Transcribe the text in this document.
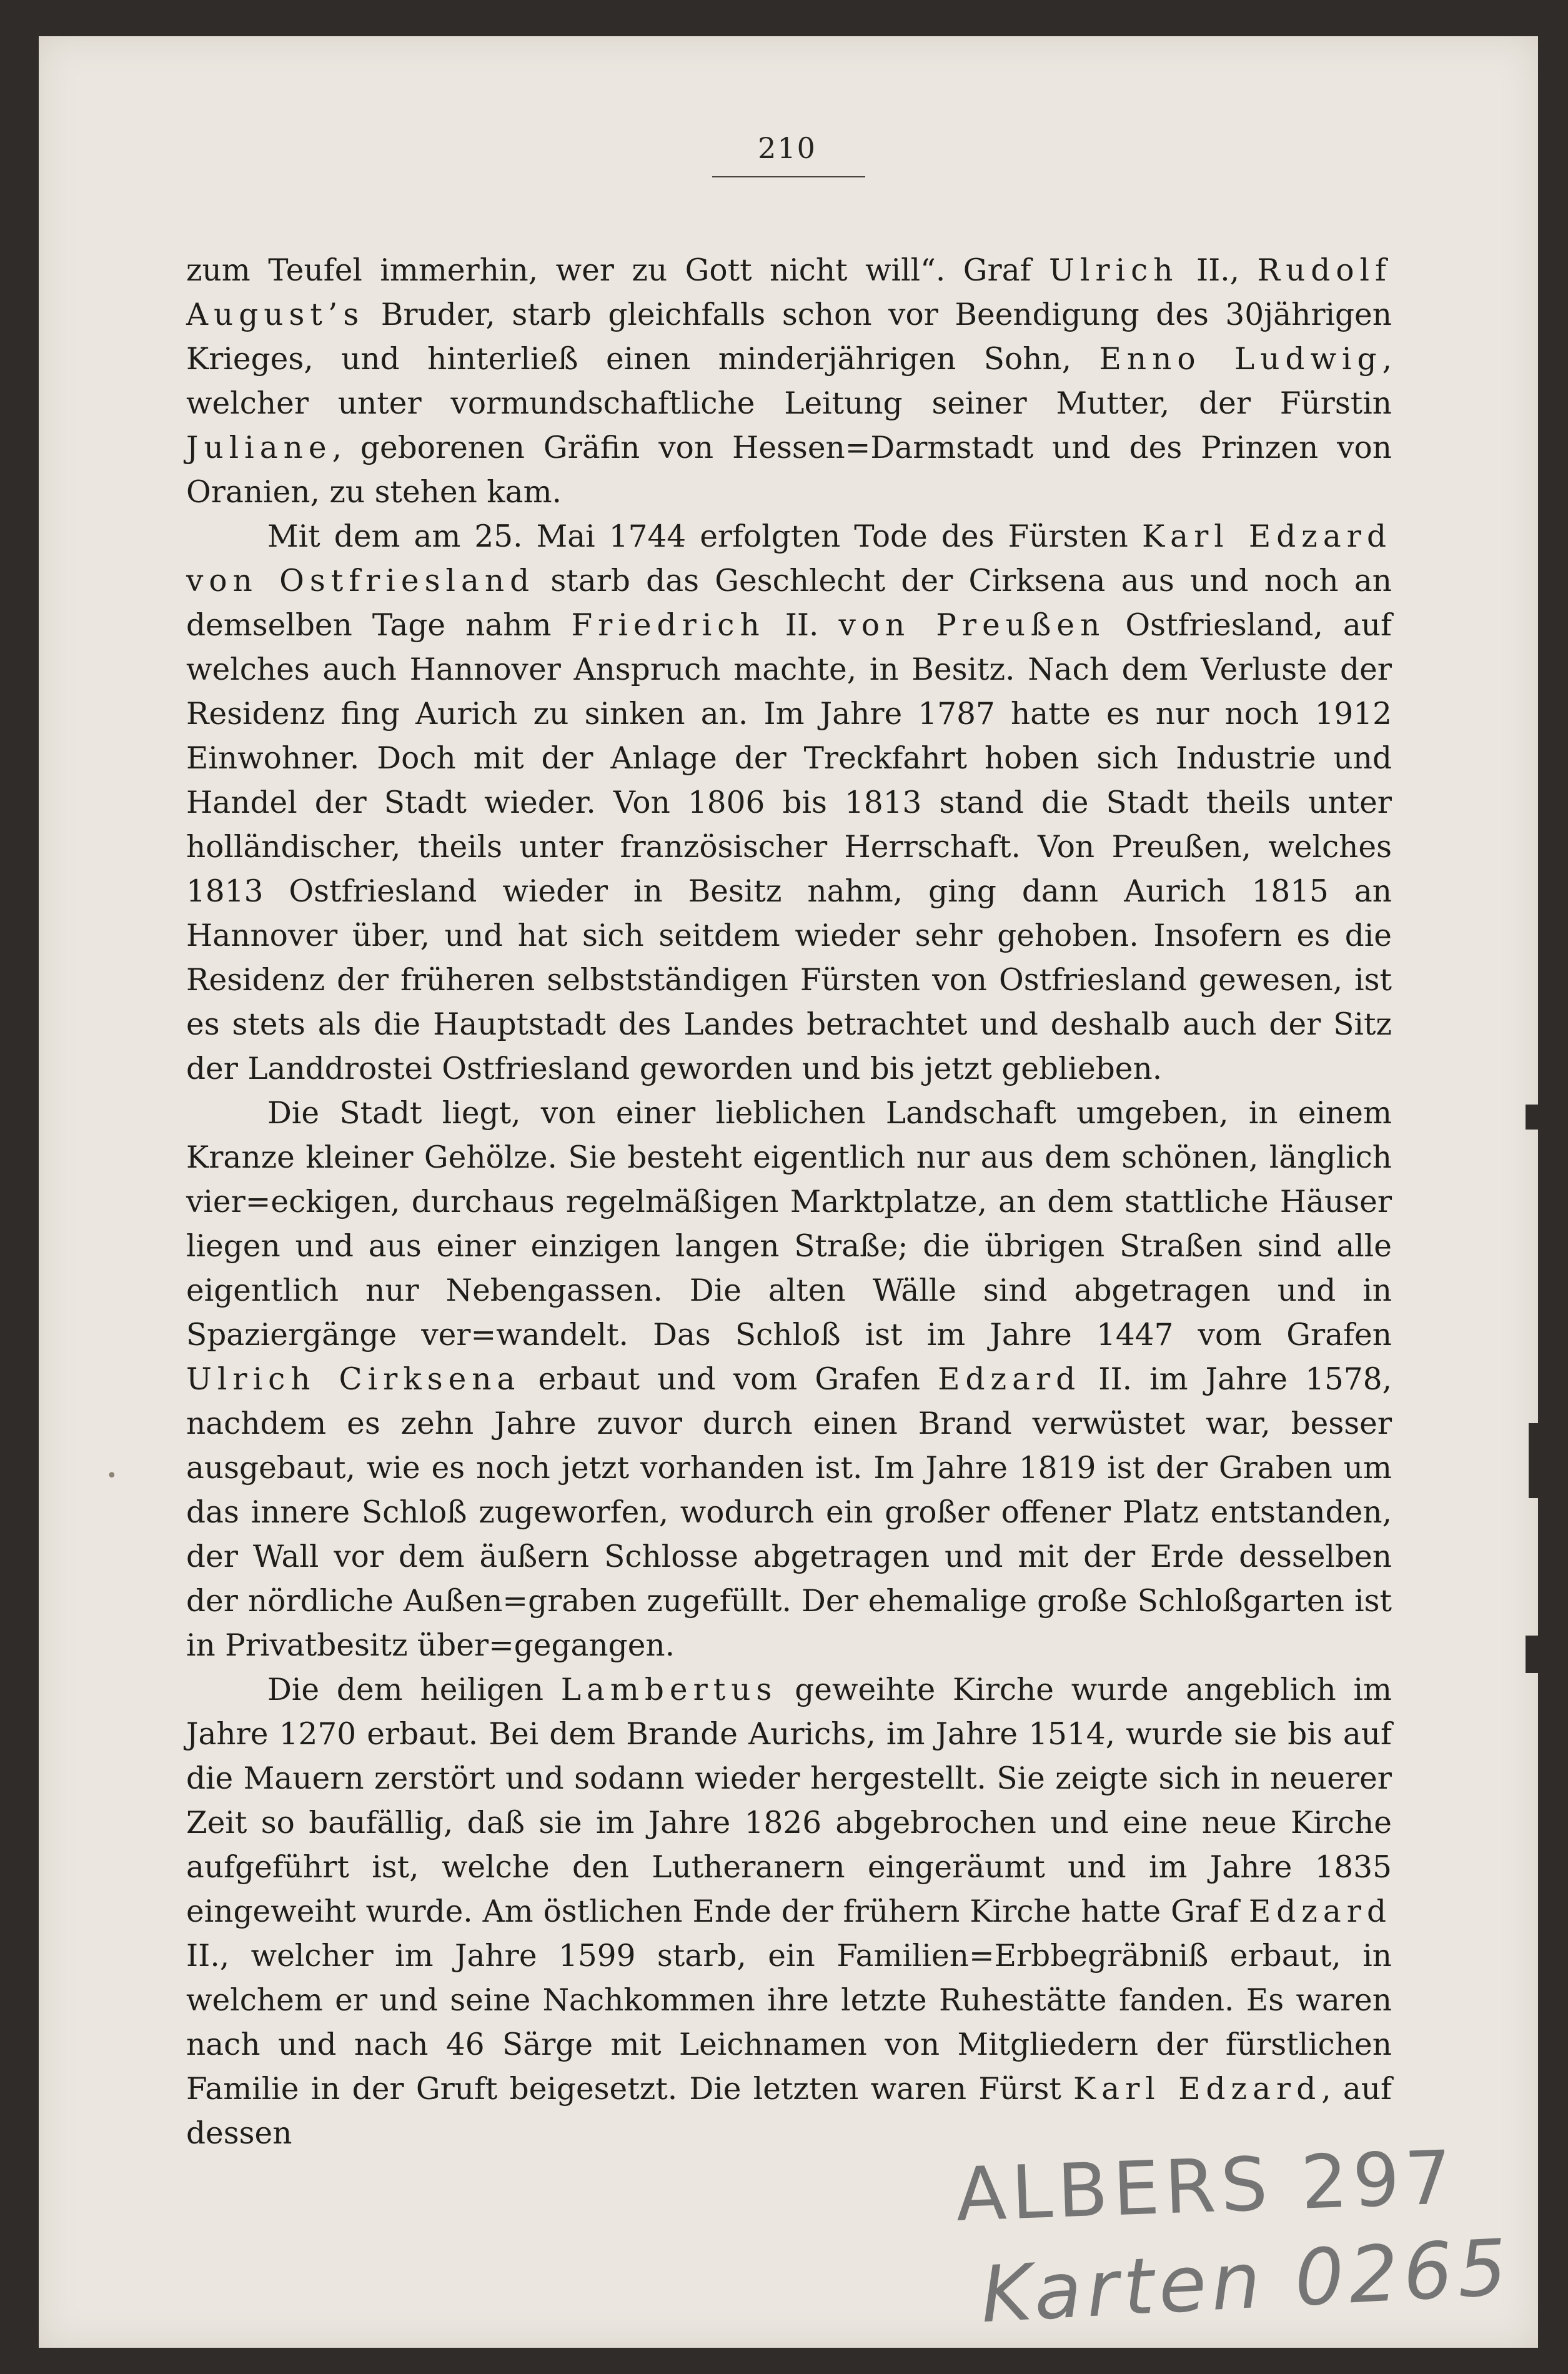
210

zum Teufel immerhin, wer zu Gott nicht will“. Graf Ulrich II., Rudolf August’s Bruder, starb gleichfalls schon vor Beendigung des 30jährigen Krieges, und hinterließ einen minderjährigen Sohn, Enno Ludwig, welcher unter vormundschaftliche Leitung seiner Mutter, der Fürstin Juliane, geborenen Gräfin von Hessen=Darmstadt und des Prinzen von Oranien, zu stehen kam.

Mit dem am 25. Mai 1744 erfolgten Tode des Fürsten Karl Edzard von Ostfriesland starb das Geschlecht der Cirksena aus und noch an demselben Tage nahm Friedrich II. von Preußen Ostfriesland, auf welches auch Hannover Anspruch machte, in Besitz. Nach dem Verluste der Residenz fing Aurich zu sinken an. Im Jahre 1787 hatte es nur noch 1912 Einwohner. Doch mit der Anlage der Treckfahrt hoben sich Industrie und Handel der Stadt wieder. Von 1806 bis 1813 stand die Stadt theils unter holländischer, theils unter französischer Herrschaft. Von Preußen, welches 1813 Ostfriesland wieder in Besitz nahm, ging dann Aurich 1815 an Hannover über, und hat sich seitdem wieder sehr gehoben. Insofern es die Residenz der früheren selbstständigen Fürsten von Ostfriesland gewesen, ist es stets als die Hauptstadt des Landes betrachtet und deshalb auch der Sitz der Landdrostei Ostfriesland geworden und bis jetzt geblieben.

Die Stadt liegt, von einer lieblichen Landschaft umgeben, in einem Kranze kleiner Gehölze. Sie besteht eigentlich nur aus dem schönen, länglich vier=eckigen, durchaus regelmäßigen Marktplatze, an dem stattliche Häuser liegen und aus einer einzigen langen Straße; die übrigen Straßen sind alle eigentlich nur Nebengassen. Die alten Wälle sind abgetragen und in Spaziergänge ver=wandelt. Das Schloß ist im Jahre 1447 vom Grafen Ulrich Cirksena erbaut und vom Grafen Edzard II. im Jahre 1578, nachdem es zehn Jahre zuvor durch einen Brand verwüstet war, besser ausgebaut, wie es noch jetzt vorhanden ist. Im Jahre 1819 ist der Graben um das innere Schloß zugeworfen, wodurch ein großer offener Platz entstanden, der Wall vor dem äußern Schlosse abgetragen und mit der Erde desselben der nördliche Außen=graben zugefüllt. Der ehemalige große Schloßgarten ist in Privatbesitz über=gegangen.

Die dem heiligen Lambertus geweihte Kirche wurde angeblich im Jahre 1270 erbaut. Bei dem Brande Aurichs, im Jahre 1514, wurde sie bis auf die Mauern zerstört und sodann wieder hergestellt. Sie zeigte sich in neuerer Zeit so baufällig, daß sie im Jahre 1826 abgebrochen und eine neue Kirche aufgeführt ist, welche den Lutheranern eingeräumt und im Jahre 1835 eingeweiht wurde. Am östlichen Ende der frühern Kirche hatte Graf Edzard II., welcher im Jahre 1599 starb, ein Familien=Erbbegräbniß erbaut, in welchem er und seine Nachkommen ihre letzte Ruhestätte fanden. Es waren nach und nach 46 Särge mit Leichnamen von Mitgliedern der fürstlichen Familie in der Gruft beigesetzt. Die letzten waren Fürst Karl Edzard, auf dessen

•
ALBERS 297
Karten 0265
